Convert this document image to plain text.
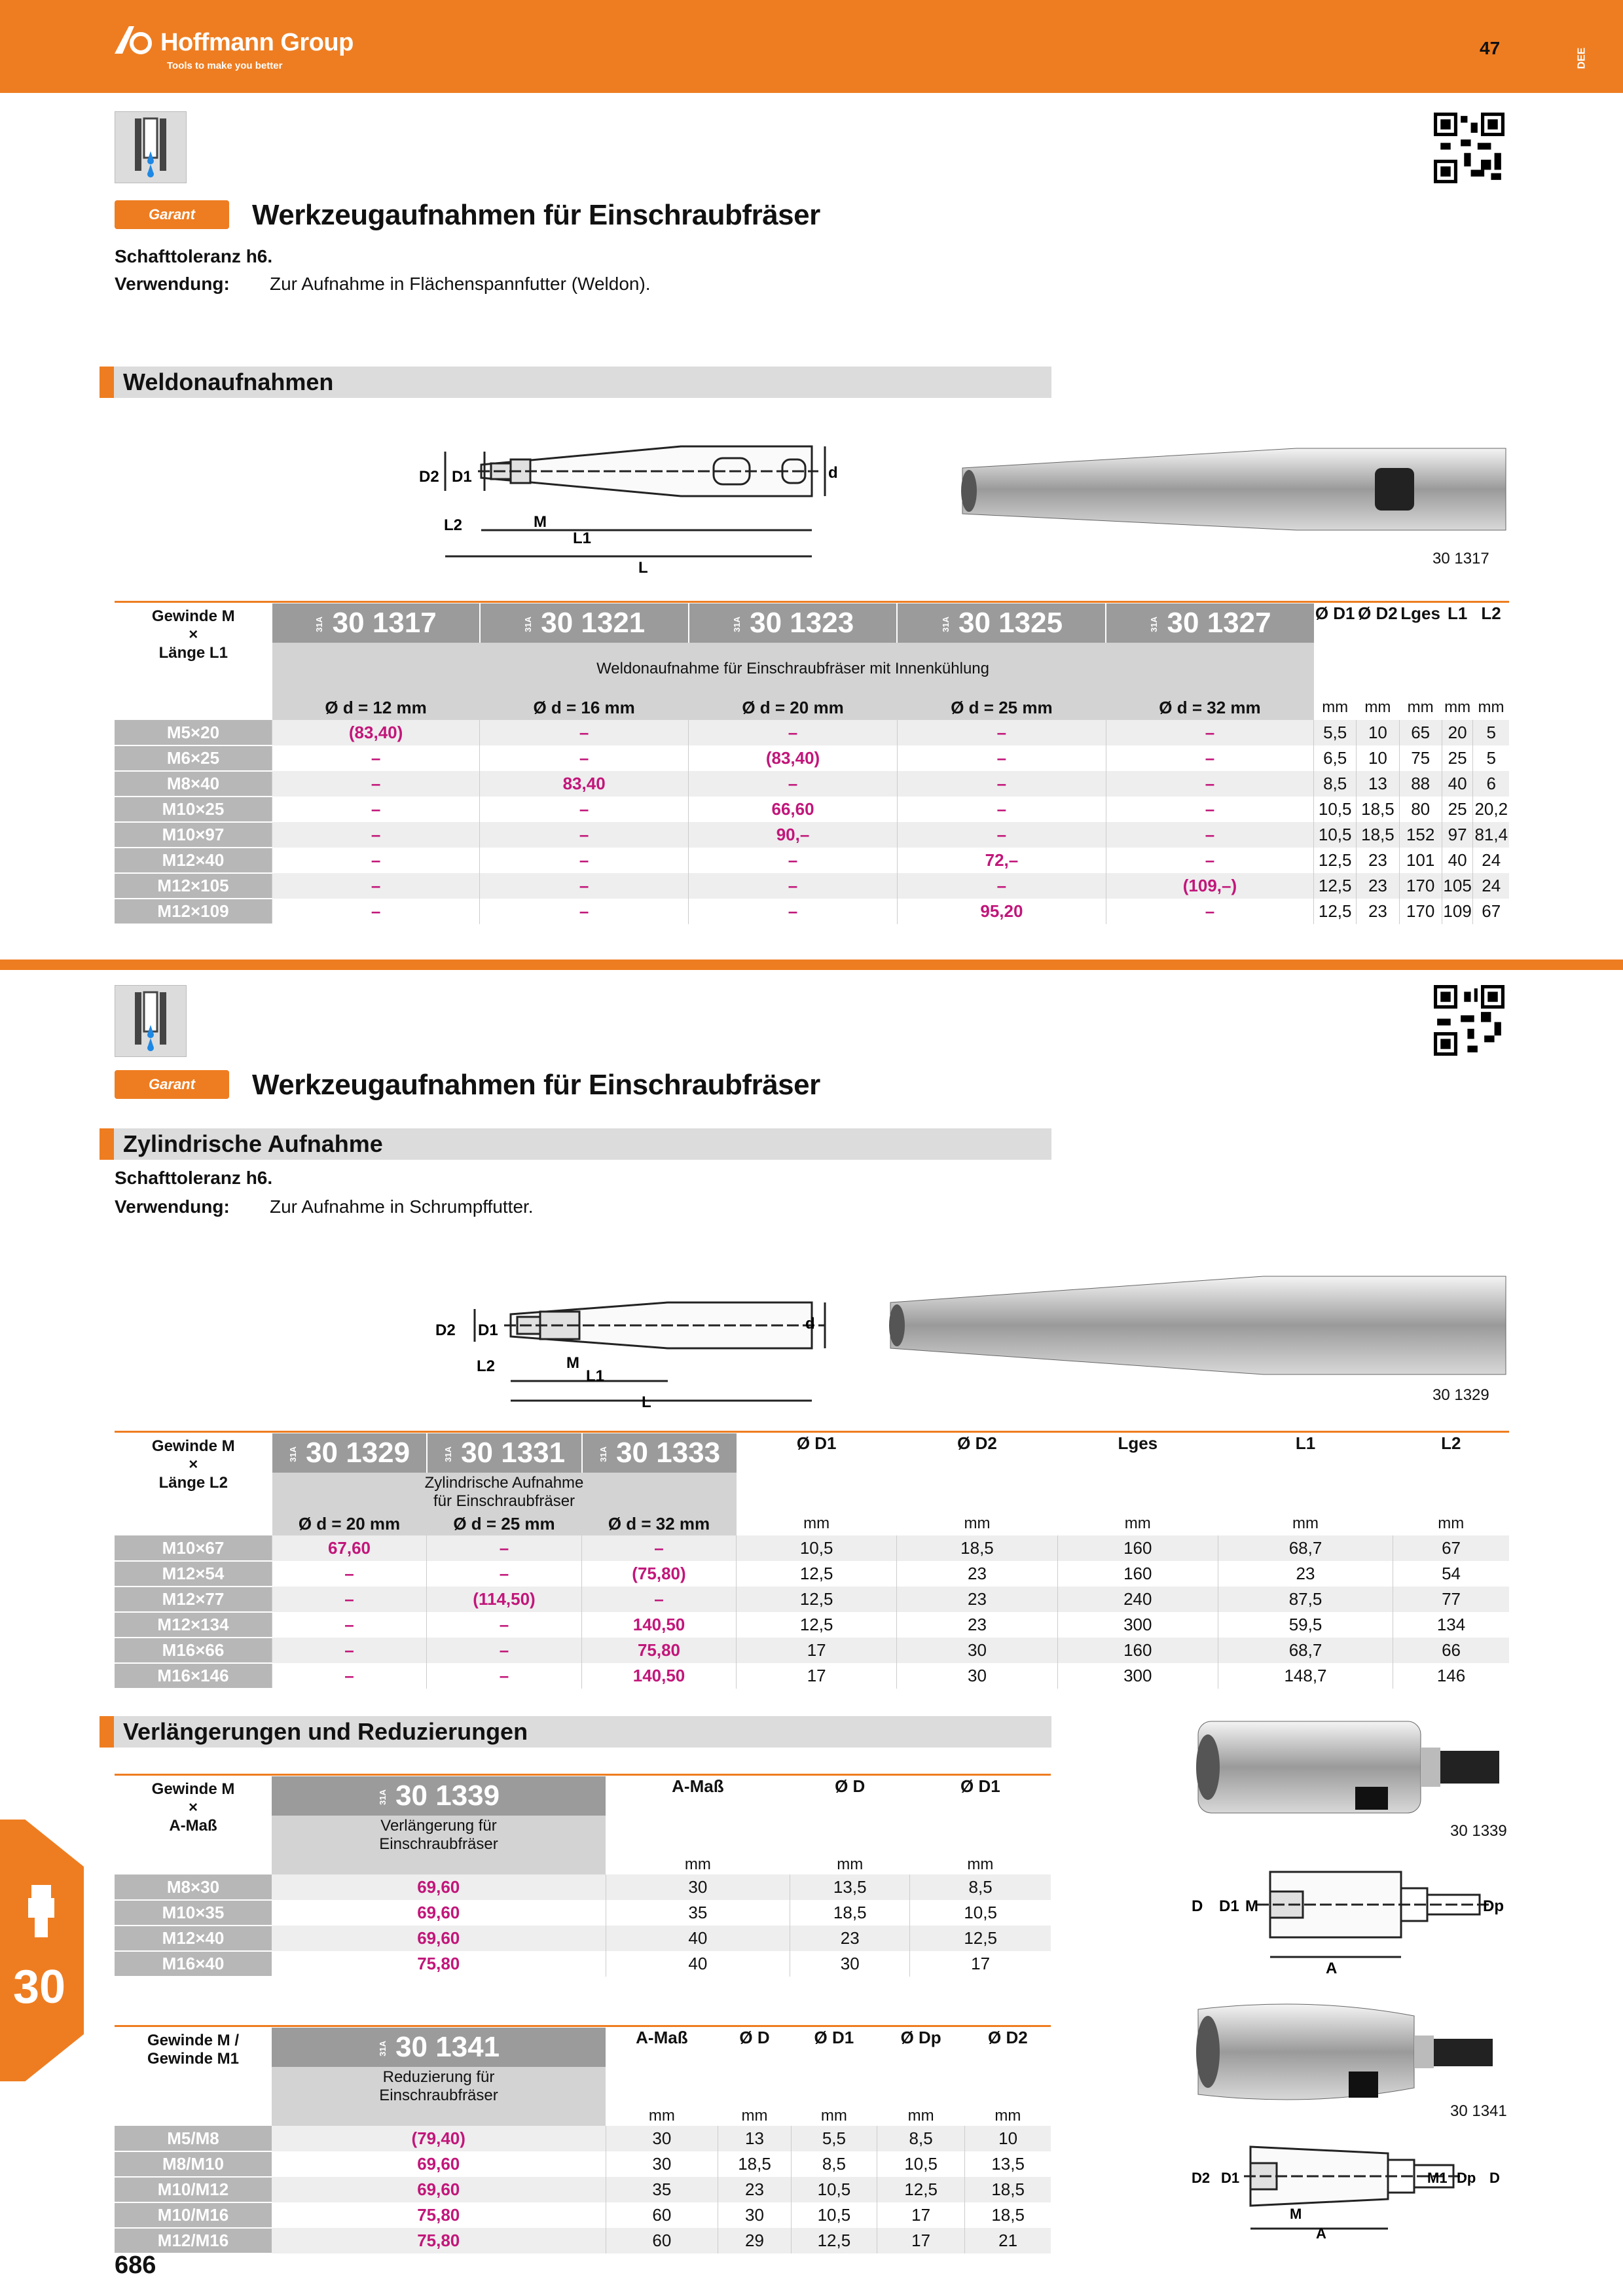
Hoffmann Group
Tools to make you better
47	DEE
Garant	Werkzeugaufnahmen für Einschraubfräser
Schafttoleranz h6.
Verwendung: Zur Aufnahme in Flächenspannfutter (Weldon).
Weldonaufnahmen
D2 D1
M
L1
L2
L
d
30 1317
Gewinde M
×
Länge L1	31A 30 1317	31A 30 1321	31A 30 1323	31A 30 1325	31A 30 1327	Ø D1	Ø D2	Lges	L1	L2
	Weldonaufnahme für Einschraubfräser mit Innenkühlung									
	Ø d = 12 mm	Ø d = 16 mm	Ø d = 20 mm	Ø d = 25 mm	Ø d = 32 mm	mm	mm	mm	mm	mm
M5×20	(83,40)	–	–	–	–	5,5	10	65	20	5
M6×25	–	–	(83,40)	–	–	6,5	10	75	25	5
M8×40	–	83,40	–	–	–	8,5	13	88	40	6
M10×25	–	–	66,60	–	–	10,5	18,5	80	25	20,2
M10×97	–	–	90,–	–	–	10,5	18,5	152	97	81,4
M12×40	–	–	–	72,–	–	12,5	23	101	40	24
M12×105	–	–	–	–	(109,–)	12,5	23	170	105	24
M12×109	–	–	–	95,20	–	12,5	23	170	109	67
Garant	Werkzeugaufnahmen für Einschraubfräser
Zylindrische Aufnahme
Schafttoleranz h6.
Verwendung: Zur Aufnahme in Schrumpffutter.
D2 D1
M
L1
L2
L
d
30 1329
Gewinde M
×
Länge L2	31A 30 1329	31A 30 1331	31A 30 1333	Ø D1	Ø D2	Lges	L1	L2
	Zylindrische Aufnahme für Einschraubfräser							
	Ø d = 20 mm	Ø d = 25 mm	Ø d = 32 mm	mm	mm	mm	mm	mm
M10×67	67,60	–	–	10,5	18,5	160	68,7	67
M12×54	–	–	(75,80)	12,5	23	160	23	54
M12×77	–	(114,50)	–	12,5	23	240	87,5	77
M12×134	–	–	140,50	12,5	23	300	59,5	134
M16×66	–	–	75,80	17	30	160	68,7	66
M16×146	–	–	140,50	17	30	300	148,7	146
Verlängerungen und Reduzierungen
Gewinde M
×
A-Maß	31A 30 1339	A-Maß	Ø D	Ø D1
	Verlängerung für Einschraubfräser			
		mm	mm	mm
M8×30	69,60	30	13,5	8,5
M10×35	69,60	35	18,5	10,5
M12×40	69,60	40	23	12,5
M16×40	75,80	40	30	17
Gewinde M / Gewinde M1	31A 30 1341	A-Maß	Ø D	Ø D1	Ø Dp	Ø D2
	Reduzierung für Einschraubfräser					
		mm	mm	mm	mm	mm
M5/M8	(79,40)	30	13	5,5	8,5	10
M8/M10	69,60	30	18,5	8,5	10,5	13,5
M10/M12	69,60	35	23	10,5	12,5	18,5
M10/M16	75,80	60	30	10,5	17	18,5
M12/M16	75,80	60	29	12,5	17	21
30 1339
D D1 M	Dp
A
30 1341
D2 D1
M
M1 Dp D
A
30
686
